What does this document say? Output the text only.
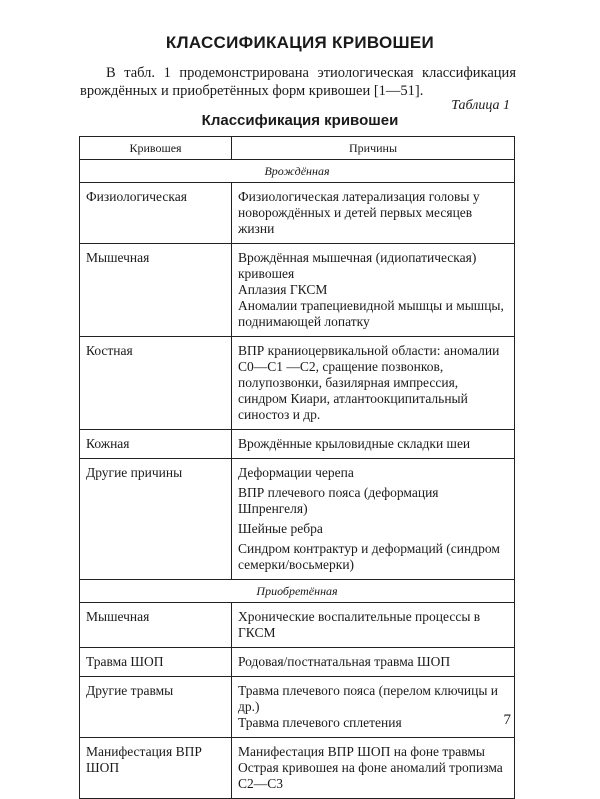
КЛАССИФИКАЦИЯ КРИВОШЕИ
В табл. 1 продемонстрирована этиологическая классификация врождённых и приобретённых форм кривошеи [1—51].
Таблица 1
Классификация кривошеи
Кривошея	Причины
Врождённая	
Физиологическая	Физиологическая латерализация головы у новорождённых и детей первых месяцев жизни

Мышечная	Врождённая мышечная (идиопатическая) кривошея
Аплазия ГКСМ
Аномалии трапециевидной мышцы и мышцы, поднимающей лопатку

Костная	ВПР краниоцервикальной области: аномалии С0—С1 —С2, сращение позвонков, полупозвонки, базилярная импрессия, синдром Киари, атлантоокципитальный синостоз и др.

Кожная	Врождённые крыловидные складки шеи

Другие причины	Деформации черепа
ВПР плечевого пояса (деформация Шпренгеля)
Шейные ребра
Синдром контрактур и деформаций (синдром семерки/восьмерки)

Приобретённая	
Мышечная	Хронические воспалительные процессы в ГКСМ

Травма ШОП	Родовая/постнатальная травма ШОП

Другие травмы	Травма плечевого пояса (перелом ключицы и др.)
Травма плечевого сплетения

Манифестация ВПР ШОП	Манифестация ВПР ШОП на фоне травмы
Острая кривошея на фоне аномалий тропизма С2—С3
7
